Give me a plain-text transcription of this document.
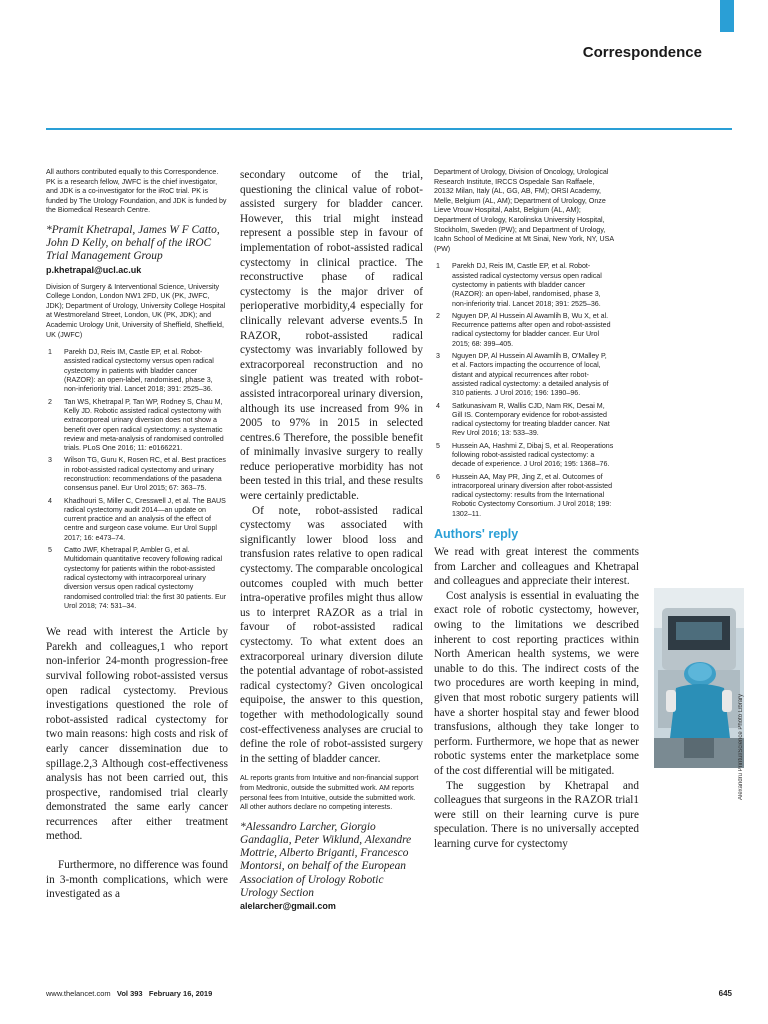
Correspondence

All authors contributed equally to this Correspondence. PK is a research fellow, JWFC is the chief investigator, and JDK is a co-investigator for the iRoC trial. PK is funded by The Urology Foundation, and JDK is funded by the Biomedical Research Centre.

*Pramit Khetrapal, James W F Catto, John D Kelly, on behalf of the iROC Trial Management Group

p.khetrapal@ucl.ac.uk

Division of Surgery & Interventional Science, University College London, London NW1 2FD, UK (PK, JWFC, JDK); Department of Urology, University College Hospital at Westmoreland Street, London, UK (PK, JDK); and Academic Urology Unit, University of Sheffield, Sheffield, UK (JWFC)

1 Parekh DJ, Reis IM, Castle EP, et al. Robot-assisted radical cystectomy versus open radical cystectomy in patients with bladder cancer (RAZOR): an open-label, randomised, phase 3, non-inferiority trial. Lancet 2018; 391: 2525–36.
2 Tan WS, Khetrapal P, Tan WP, Rodney S, Chau M, Kelly JD. Robotic assisted radical cystectomy with extracorporeal urinary diversion does not show a benefit over open radical cystectomy: a systematic review and meta-analysis of randomised controlled trials. PLoS One 2016; 11: e0166221.
3 Wilson TG, Guru K, Rosen RC, et al. Best practices in robot-assisted radical cystectomy and urinary reconstruction: recommendations of the pasadena consensus panel. Eur Urol 2015; 67: 363–75.
4 Khadhouri S, Miller C, Cresswell J, et al. The BAUS radical cystectomy audit 2014—an update on current practice and an analysis of the effect of centre and surgeon case volume. Eur Urol Suppl 2017; 16: e473–74.
5 Catto JWF, Khetrapal P, Ambler G, et al. Multidomain quantitative recovery following radical cystectomy for patients within the robot-assisted radical cystectomy with intracorporeal urinary diversion versus open radical cystectomy randomised controlled trial: the first 30 patients. Eur Urol 2018; 74: 531–34.

We read with interest the Article by Parekh and colleagues,1 who report non-inferior 24-month progression-free survival following robot-assisted versus open radical cystectomy. Previous investigations questioned the role of robot-assisted radical cystectomy for two main reasons: high costs and risk of early cancer dissemination due to spillage.2,3 Although cost-effectiveness analysis has not been carried out, this prospective, randomised trial clearly demonstrated the same early cancer recurrences after either treatment method.

Furthermore, no difference was found in 3-month complications, which were investigated as a

secondary outcome of the trial, questioning the clinical value of robot-assisted surgery for bladder cancer. However, this trial might instead represent a possible step in favour of implementation of robot-assisted radical cystectomy in clinical practice. The reconstructive phase of radical cystectomy is the major driver of perioperative morbidity,4 especially for clinically relevant adverse events.5 In RAZOR, robot-assisted radical cystectomy was invariably followed by extracorporeal reconstruction and no single patient was treated with robot-assisted intracorporeal urinary diversion, although its use increased from 9% in 2005 to 97% in 2015 in selected centres.6 Therefore, the possible benefit of minimally invasive surgery to really reduce perioperative morbidity has not been tested in this trial, and these results were certainly predictable.

Of note, robot-assisted radical cystectomy was associated with significantly lower blood loss and transfusion rates relative to open radical cystectomy. The comparable oncological outcomes coupled with much better intra-operative profiles might thus allow us to interpret RAZOR as a trial in favour of robot-assisted radical cystectomy. To what extent does an extracorporeal urinary diversion dilute the potential advantage of robot-assisted radical cystectomy? Given oncological equipoise, the answer to this question, together with methodologically sound cost-effectiveness analyses are crucial to define the role of robot-assisted surgery in the setting of bladder cancer.

AL reports grants from Intuitive and non-financial support from Medtronic, outside the submitted work. AM reports personal fees from Intuitive, outside the submitted work. All other authors declare no competing interests.

*Alessandro Larcher, Giorgio Gandaglia, Peter Wiklund, Alexandre Mottrie, Alberto Briganti, Francesco Montorsi, on behalf of the European Association of Urology Robotic Urology Section

alelarcher@gmail.com

Department of Urology, Division of Oncology, Urological Research Institute, IRCCS Ospedale San Raffaele, 20132 Milan, Italy (AL, GG, AB, FM); ORSI Academy, Melle, Belgium (AL, AM); Department of Urology, Onze Lieve Vrouw Hospital, Aalst, Belgium (AL, AM); Department of Urology, Karolinska University Hospital, Stockholm, Sweden (PW); and Department of Urology, Icahn School of Medicine at Mt Sinai, New York, NY, USA (PW)

1 Parekh DJ, Reis IM, Castle EP, et al. Robot-assisted radical cystectomy versus open radical cystectomy in patients with bladder cancer (RAZOR): an open-label, randomised, phase 3, non-inferiority trial. Lancet 2018; 391: 2525–36.
2 Nguyen DP, Al Hussein Al Awamlih B, Wu X, et al. Recurrence patterns after open and robot-assisted radical cystectomy for bladder cancer. Eur Urol 2015; 68: 399–405.
3 Nguyen DP, Al Hussein Al Awamlih B, O'Malley P, et al. Factors impacting the occurrence of local, distant and atypical recurrences after robot-assisted radical cystectomy: a detailed analysis of 310 patients. J Urol 2016; 196: 1390–96.
4 Satkunasivam R, Wallis CJD, Nam RK, Desai M, Gill IS. Contemporary evidence for robot-assisted radical cystectomy for treating bladder cancer. Nat Rev Urol 2016; 13: 533–39.
5 Hussein AA, Hashmi Z, Dibaj S, et al. Reoperations following robot-assisted radical cystectomy: a decade of experience. J Urol 2016; 195: 1368–76.
6 Hussein AA, May PR, Jing Z, et al. Outcomes of intracorporeal urinary diversion after robot-assisted radical cystectomy: results from the International Robotic Cystectomy Consortium. J Urol 2018; 199: 1302–11.
Authors' reply

We read with great interest the comments from Larcher and colleagues and Khetrapal and colleagues and appreciate their interest.

Cost analysis is essential in evaluating the exact role of robotic cystectomy, however, owing to the limitations we described inherent to cost reporting practices within North American health systems, we were unable to do this. The indirect costs of the two procedures are worth keeping in mind, given that most robotic surgery patients will have a shorter hospital stay and fewer blood transfusions, although they take longer to perform. Furthermore, we hope that as newer robotic systems enter the marketplace some of the cost differential will be mitigated.

The suggestion by Khetrapal and colleagues that surgeons in the RAZOR trial1 were still on their learning curve is pure speculation. There is no universally accepted learning curve for cystectomy

Alexandru Printul/Science Photo Library
www.thelancet.com Vol 393 February 16, 2019	645
